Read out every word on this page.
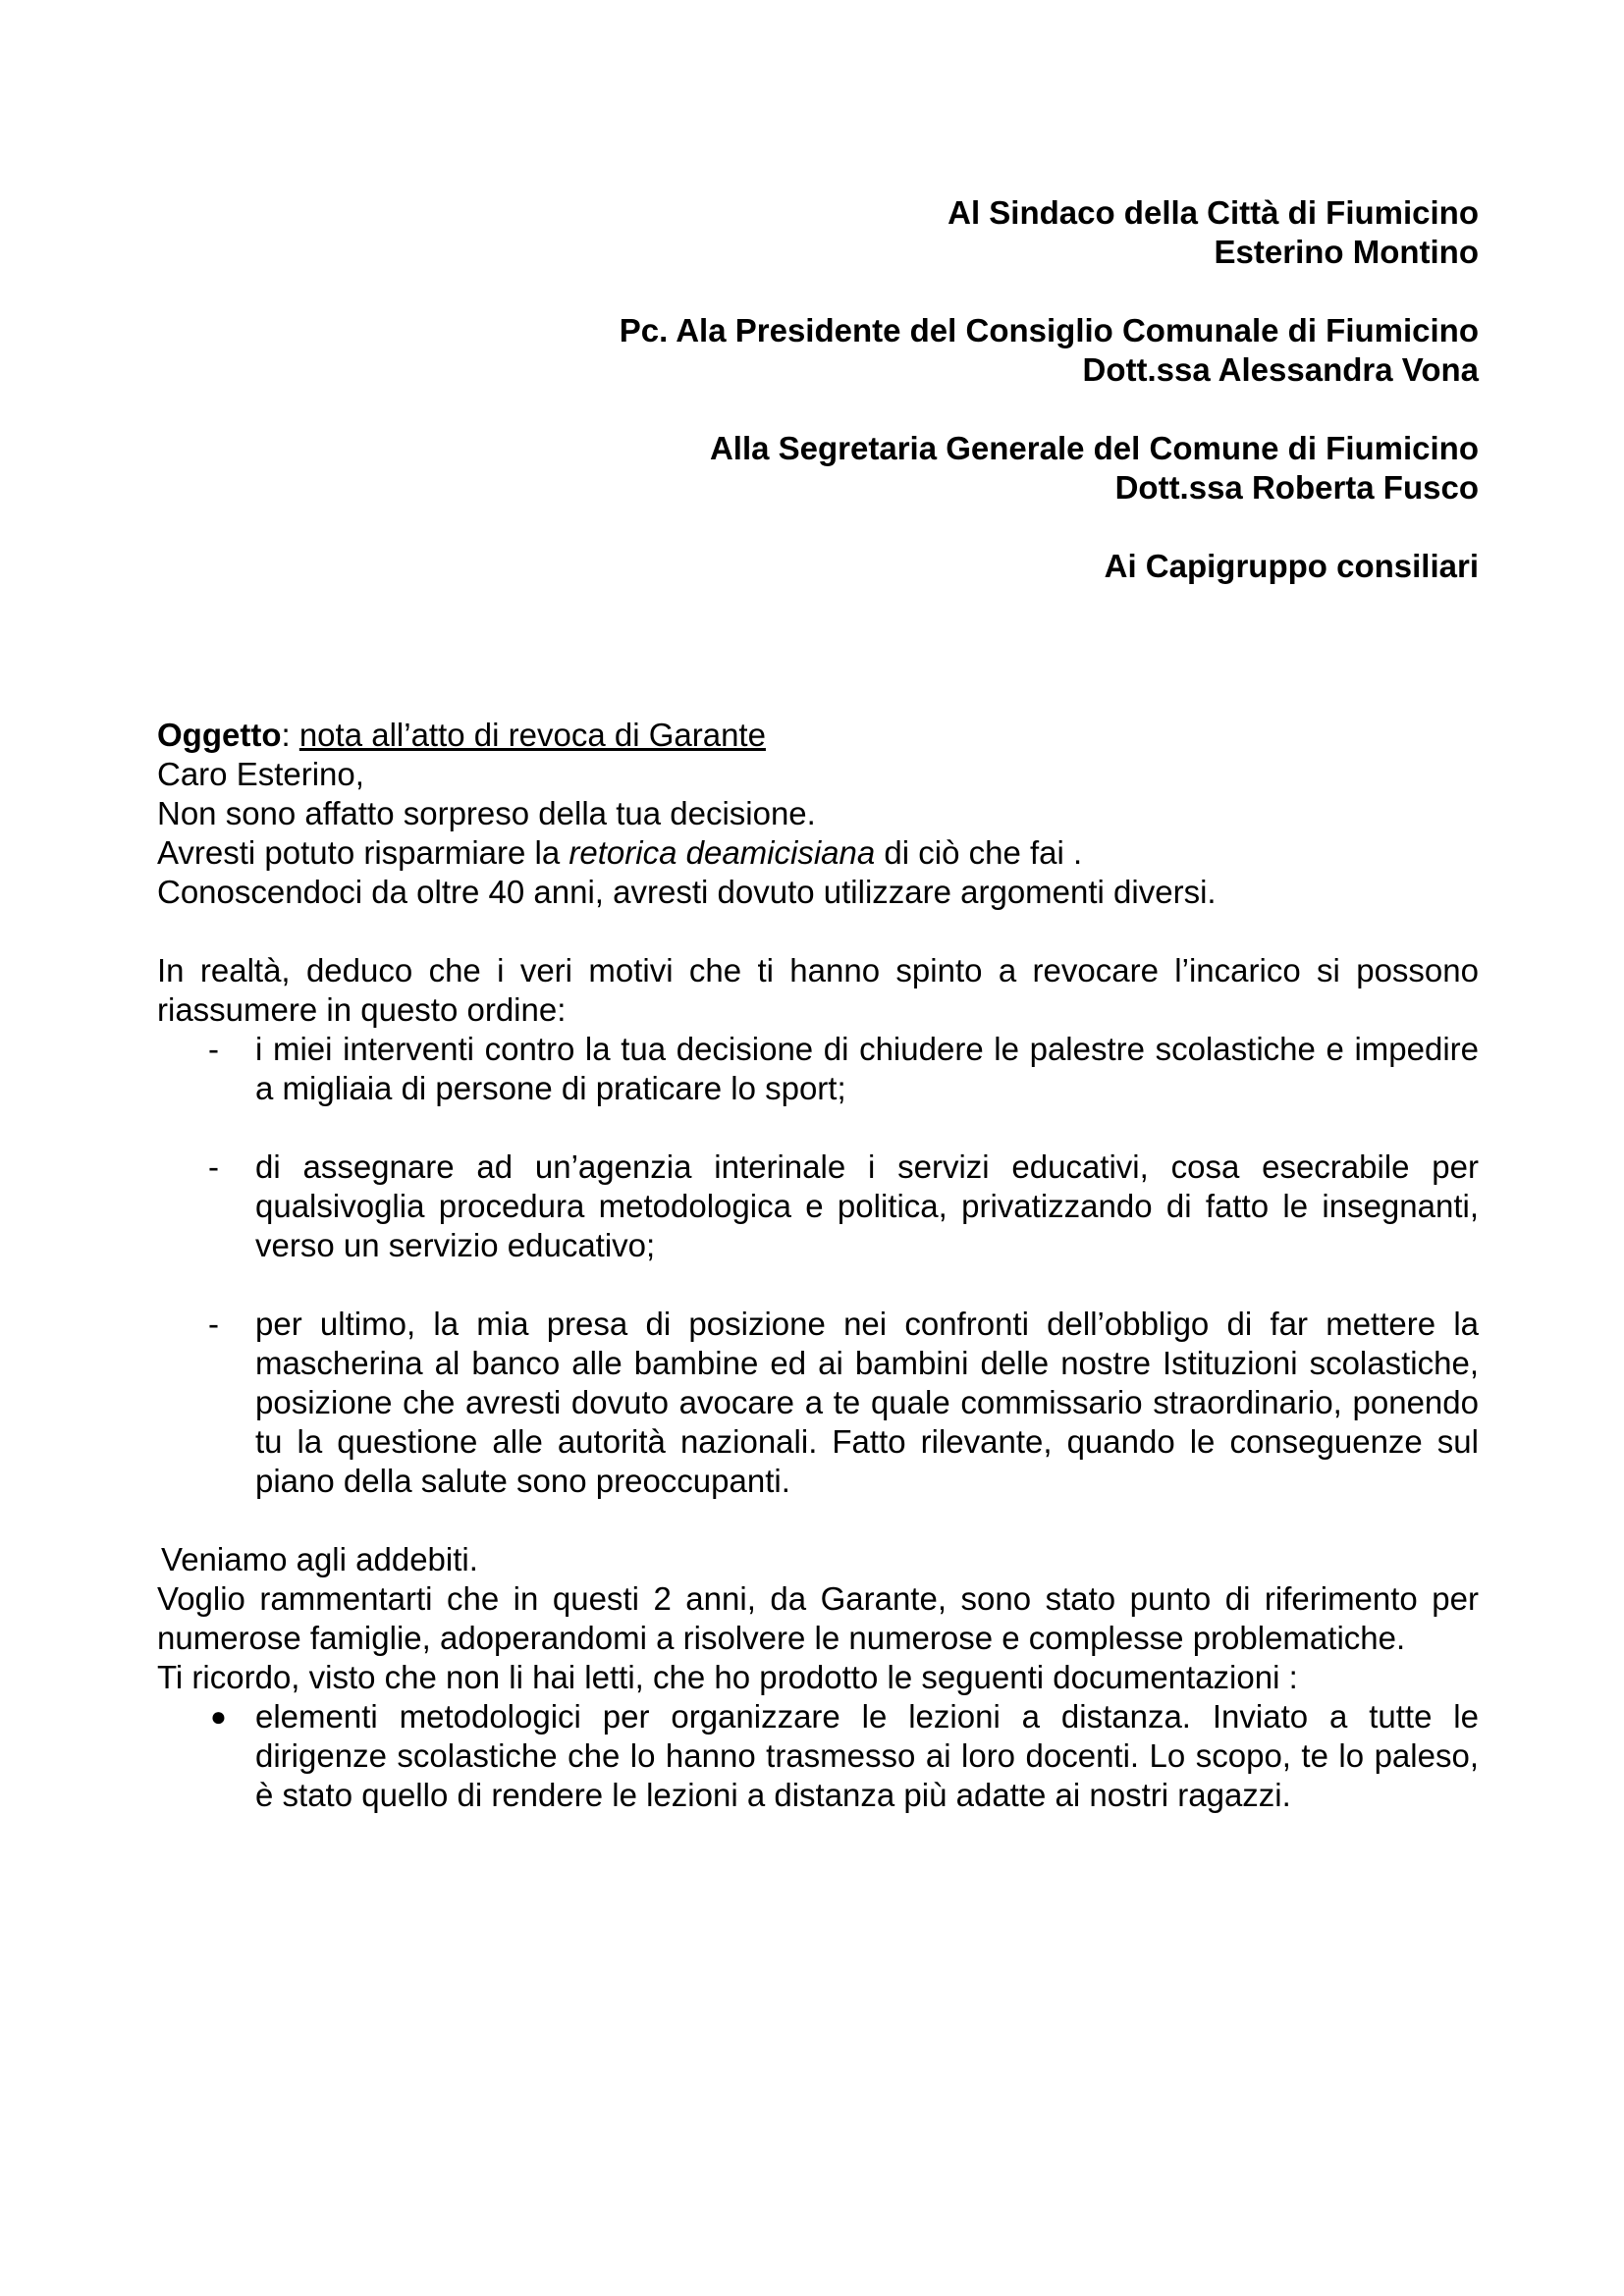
Al Sindaco della Città di Fiumicino

Esterino Montino

Pc. Ala Presidente del Consiglio Comunale di Fiumicino

Dott.ssa Alessandra Vona

Alla Segretaria Generale del Comune di Fiumicino

Dott.ssa Roberta Fusco

Ai Capigruppo consiliari

Oggetto: nota all’atto di revoca di Garante

Caro Esterino,

Non sono affatto sorpreso della tua decisione.

Avresti potuto risparmiare la retorica deamicisiana di ciò che fai .

Conoscendoci da oltre 40 anni, avresti dovuto utilizzare argomenti diversi.

In realtà, deduco che i veri motivi che ti hanno spinto a revocare l’incarico si possono riassumere in questo ordine:

- i miei interventi contro la tua decisione di chiudere le palestre scolastiche e impedire a migliaia di persone di praticare lo sport;
- di assegnare ad un’agenzia interinale i servizi educativi, cosa esecrabile per qualsivoglia procedura metodologica e politica, privatizzando di fatto le insegnanti, verso un servizio educativo;
- per ultimo, la mia presa di posizione nei confronti dell’obbligo di far mettere la mascherina al banco alle bambine ed ai bambini delle nostre Istituzioni scolastiche, posizione che avresti dovuto avocare a te quale commissario straordinario, ponendo tu la questione alle autorità nazionali. Fatto rilevante, quando le conseguenze sul piano della salute sono preoccupanti.

Veniamo agli addebiti.

Voglio rammentarti che in questi 2 anni, da Garante, sono stato punto di riferimento per numerose famiglie, adoperandomi a risolvere le numerose e complesse problematiche.

Ti ricordo, visto che non li hai letti, che ho prodotto le seguenti documentazioni :

● elementi metodologici per organizzare le lezioni a distanza. Inviato a tutte le dirigenze scolastiche che lo hanno trasmesso ai loro docenti. Lo scopo, te lo paleso, è stato quello di rendere le lezioni a distanza più adatte ai nostri ragazzi.
